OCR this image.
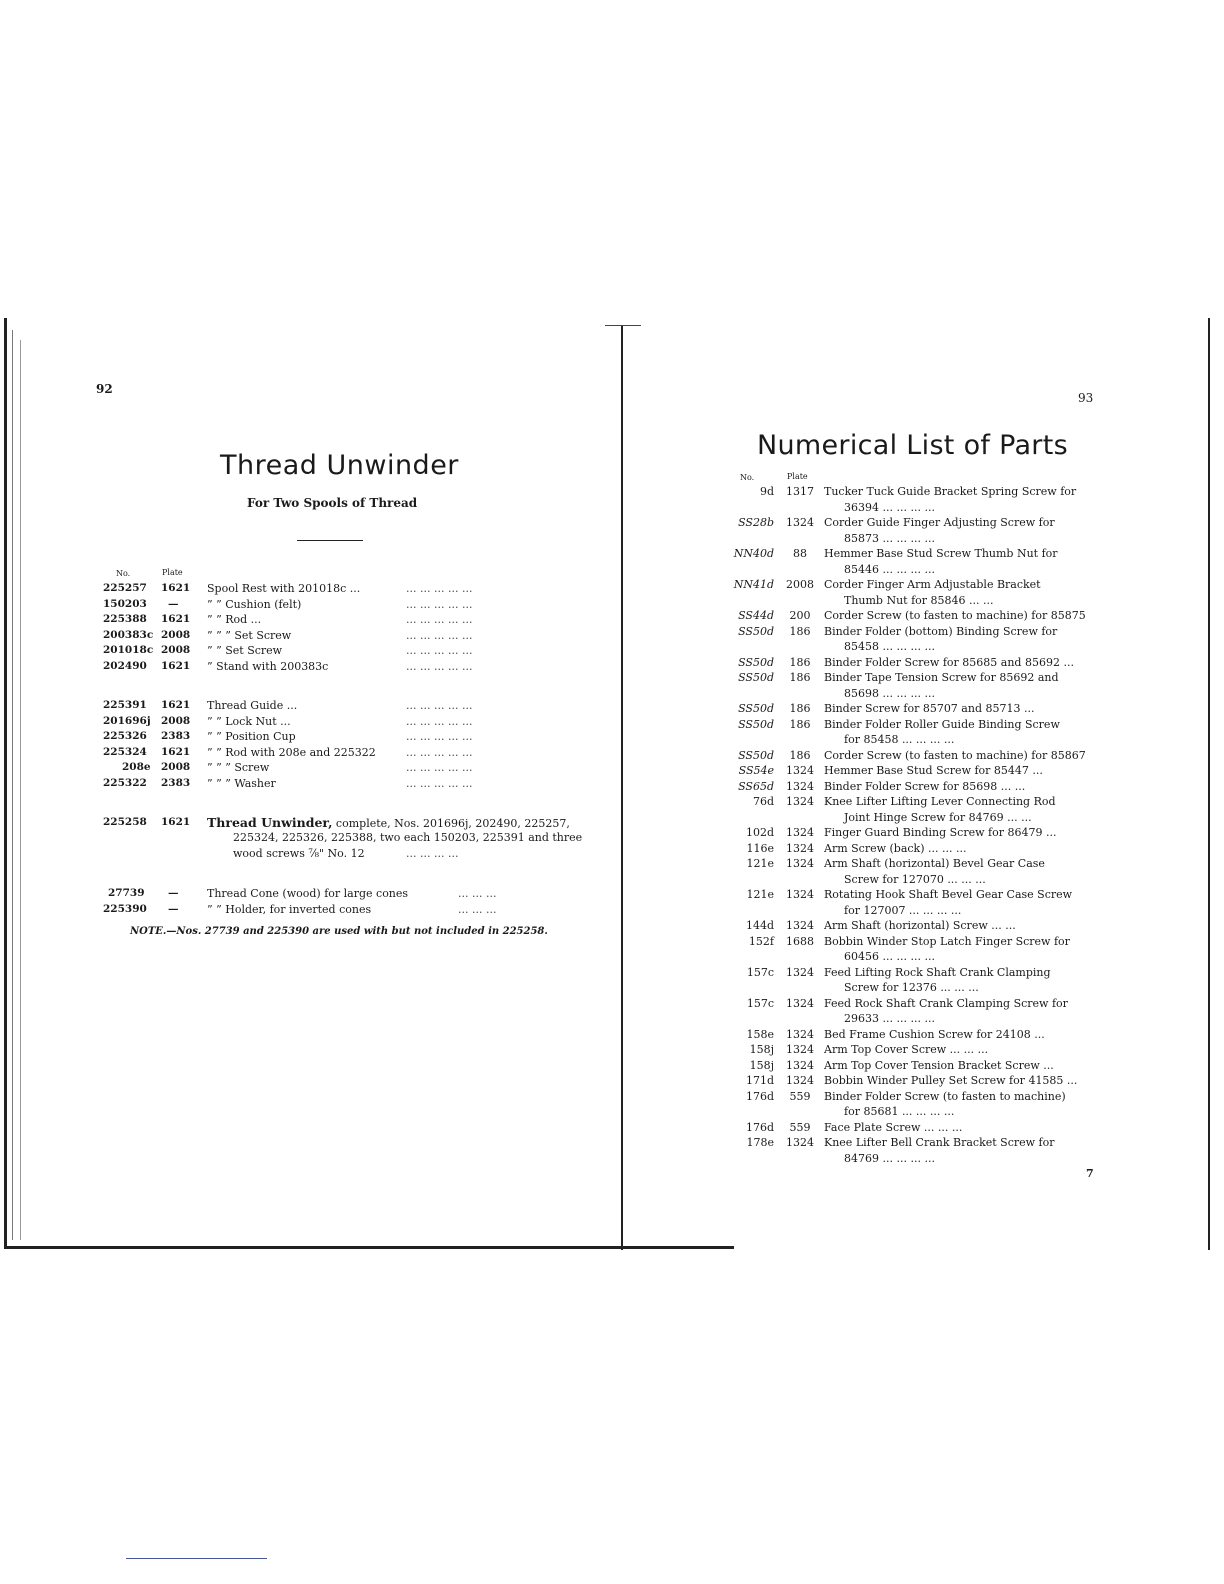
92
Thread Unwinder
For Two Spools of Thread
No.	Plate
225257 1621 Spool Rest with 201018c ...	... ... ... ... ...
150203 —	” ” Cushion (felt)	... ... ... ... ...
225388 1621 ” ” Rod ...	... ... ... ... ...
200383c 2008 ” ” ” Set Screw	... ... ... ... ...
201018c 2008 ” ” Set Screw	... ... ... ... ...
202490 1621 ” Stand with 200383c	... ... ... ... ...
225391 1621 Thread Guide ...	... ... ... ... ...
201696j 2008 ” ” Lock Nut ...	... ... ... ... ...
225326 2383 ” ” Position Cup	... ... ... ... ...
225324 1621 ” ” Rod with 208e and 225322	... ... ... ... ...
208e 2008 ” ” ” Screw	... ... ... ... ...
225322 2383 ” ” ” Washer	... ... ... ... ...
225258 1621 Thread Unwinder, complete, Nos. 201696j, 202490, 225257,
225324, 225326, 225388, two each 150203, 225391 and three
wood screws ⅞" No. 12	... ... ... ...
27739 —	Thread Cone (wood) for large cones	... ... ...
225390 —	” ” Holder, for inverted cones	... ... ...
NOTE.—Nos. 27739 and 225390 are used with but not included in 225258.
93
Numerical List of Parts
No.	Plate
9d	1317 Tucker Tuck Guide Bracket Spring Screw for
36394 ... ... ... ...
SS28b	1324 Corder Guide Finger Adjusting Screw for
85873 ... ... ... ...
NN40d	88	Hemmer Base Stud Screw Thumb Nut for
85446 ... ... ... ...
NN41d	2008 Corder Finger Arm Adjustable Bracket
Thumb Nut for 85846 ... ...
SS44d	200	Corder Screw (to fasten to machine) for 85875
SS50d	186	Binder Folder (bottom) Binding Screw for
85458 ... ... ... ...
SS50d	186	Binder Folder Screw for 85685 and 85692 ...
SS50d	186	Binder Tape Tension Screw for 85692 and
85698 ... ... ... ...
SS50d	186	Binder Screw for 85707 and 85713 ...
SS50d	186	Binder Folder Roller Guide Binding Screw
for 85458 ... ... ... ...
SS50d	186	Corder Screw (to fasten to machine) for 85867
SS54e	1324 Hemmer Base Stud Screw for 85447 ...
SS65d	1324 Binder Folder Screw for 85698 ... ...
76d	1324 Knee Lifter Lifting Lever Connecting Rod
Joint Hinge Screw for 84769 ... ...
102d	1324 Finger Guard Binding Screw for 86479 ...
116e	1324 Arm Screw (back) ... ... ...
121e	1324 Arm Shaft (horizontal) Bevel Gear Case
Screw for 127070 ... ... ...
121e	1324 Rotating Hook Shaft Bevel Gear Case Screw
for 127007 ... ... ... ...
144d	1324 Arm Shaft (horizontal) Screw ... ...
152f	1688 Bobbin Winder Stop Latch Finger Screw for
60456 ... ... ... ...
157c	1324 Feed Lifting Rock Shaft Crank Clamping
Screw for 12376 ... ... ...
157c	1324 Feed Rock Shaft Crank Clamping Screw for
29633 ... ... ... ...
158e	1324 Bed Frame Cushion Screw for 24108 ...
158j	1324 Arm Top Cover Screw ... ... ...
158j	1324 Arm Top Cover Tension Bracket Screw ...
171d	1324 Bobbin Winder Pulley Set Screw for 41585 ...
176d	559	Binder Folder Screw (to fasten to machine)
for 85681 ... ... ... ...
176d	559	Face Plate Screw ... ... ...
178e	1324 Knee Lifter Bell Crank Bracket Screw for
84769 ... ... ... ...
7
